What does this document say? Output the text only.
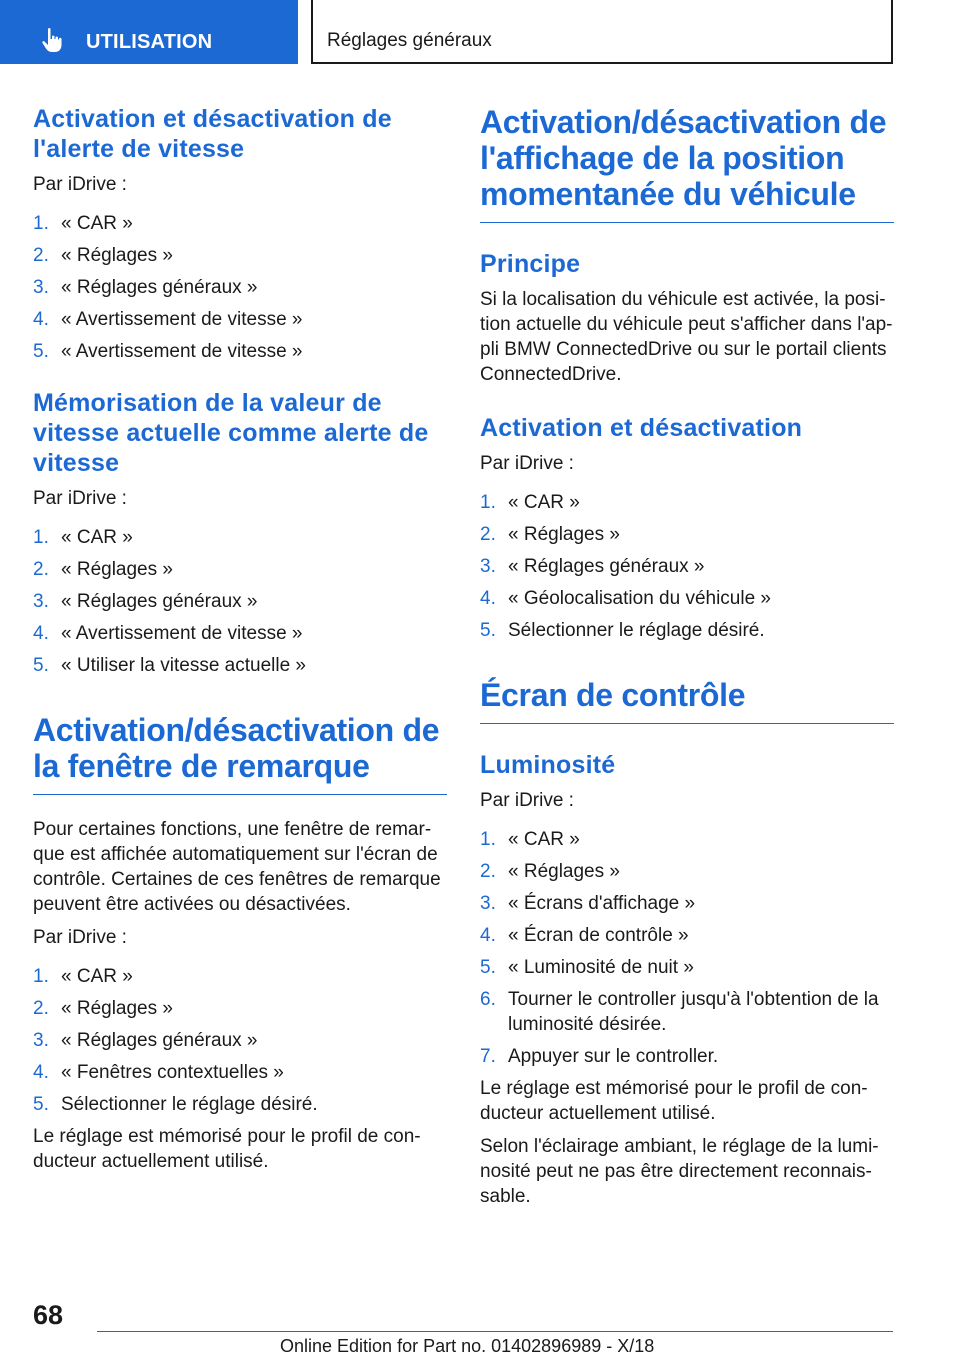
UTILISATION	Réglages généraux
Activation et désactivation de l'alerte de vitesse

Par iDrive :

1. « CAR »
2. « Réglages »
3. « Réglages généraux »
4. « Avertissement de vitesse »
5. « Avertissement de vitesse »
Mémorisation de la valeur de vitesse actuelle comme alerte de vitesse

Par iDrive :

1. « CAR »
2. « Réglages »
3. « Réglages généraux »
4. « Avertissement de vitesse »
5. « Utiliser la vitesse actuelle »
Activation/désactivation de la fenêtre de remarque

Pour certaines fonctions, une fenêtre de remar-que est affichée automatiquement sur l'écran de contrôle. Certaines de ces fenêtres de remarque peuvent être activées ou désactivées.

Par iDrive :

1. « CAR »
2. « Réglages »
3. « Réglages généraux »
4. « Fenêtres contextuelles »
5. Sélectionner le réglage désiré.

Le réglage est mémorisé pour le profil de con-ducteur actuellement utilisé.

Activation/désactivation de l'affichage de la position momentanée du véhicule
Principe

Si la localisation du véhicule est activée, la posi-tion actuelle du véhicule peut s'afficher dans l'ap-pli BMW ConnectedDrive ou sur le portail clients ConnectedDrive.

Activation et désactivation

Par iDrive :

1. « CAR »
2. « Réglages »
3. « Réglages généraux »
4. « Géolocalisation du véhicule »
5. Sélectionner le réglage désiré.
Écran de contrôle
Luminosité

Par iDrive :

1. « CAR »
2. « Réglages »
3. « Écrans d'affichage »
4. « Écran de contrôle »
5. « Luminosité de nuit »
6. Tourner le controller jusqu'à l'obtention de la luminosité désirée.
7. Appuyer sur le controller.

Le réglage est mémorisé pour le profil de con-ducteur actuellement utilisé.

Selon l'éclairage ambiant, le réglage de la lumi-nosité peut ne pas être directement reconnais-sable.

68
Online Edition for Part no. 01402896989 - X/18
